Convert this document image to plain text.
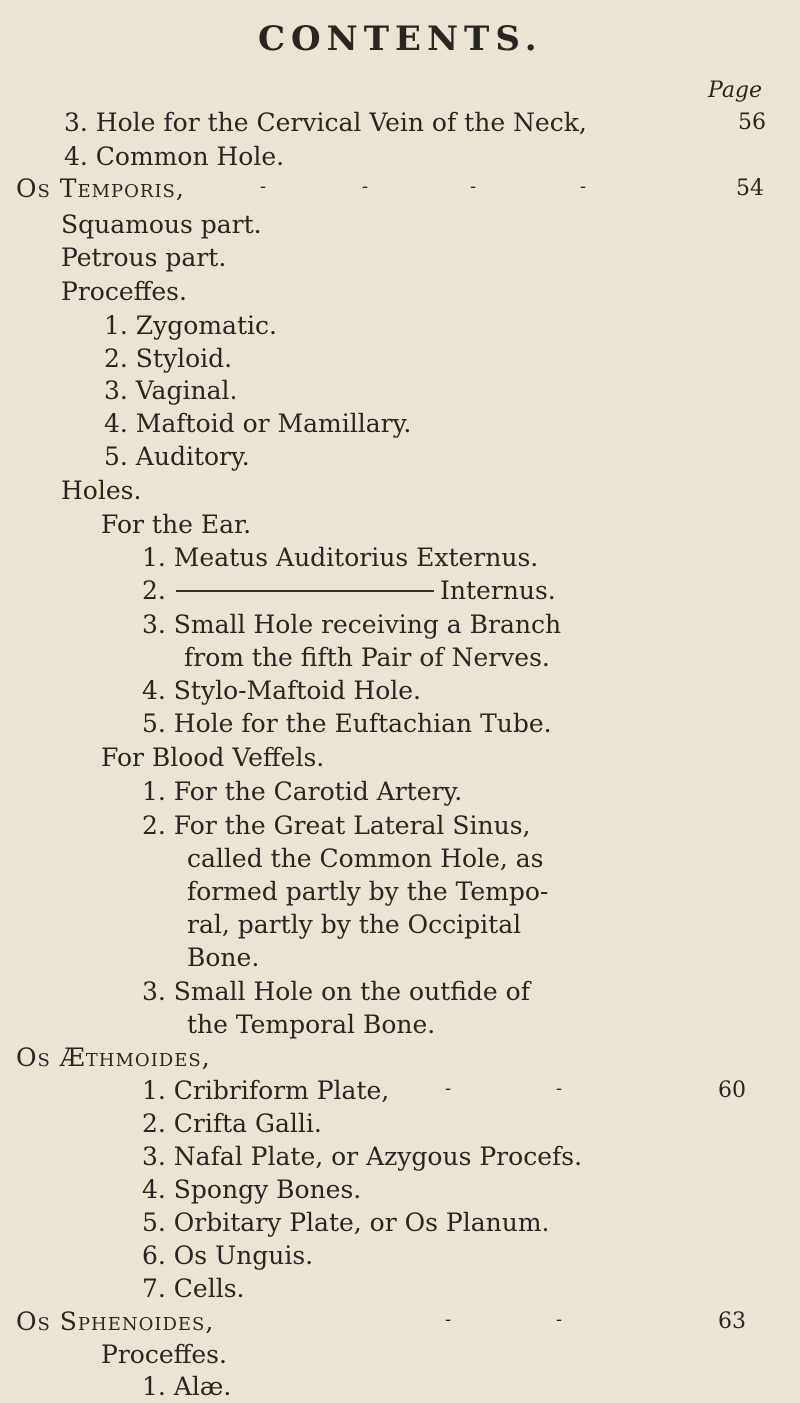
CONTENTS.
Page
3. Hole for the Cervical Vein of the Neck,	56
4. Common Hole.
Os Temporis,	-	-	-	-	54
Squamous part.
Petrous part.
Proceffes.
1. Zygomatic.
2. Styloid.
3. Vaginal.
4. Maftoid or Mamillary.
5. Auditory.
Holes.
For the Ear.
1. Meatus Auditorius Externus.
2.	Internus.
3. Small Hole receiving a Branch
from the fifth Pair of Nerves.
4. Stylo-Maftoid Hole.
5. Hole for the Euftachian Tube.
For Blood Veffels.
1. For the Carotid Artery.
2. For the Great Lateral Sinus,
called the Common Hole, as
formed partly by the Tempo-
ral, partly by the Occipital
Bone.
3. Small Hole on the outfide of
the Temporal Bone.
Os Æthmoides,
1. Cribriform Plate,	-	-	60
2. Crifta Galli.
3. Nafal Plate, or Azygous Procefs.
4. Spongy Bones.
5. Orbitary Plate, or Os Planum.
6. Os Unguis.
7. Cells.
Os Sphenoides,	-	-	63
Proceffes.
1. Alæ.
